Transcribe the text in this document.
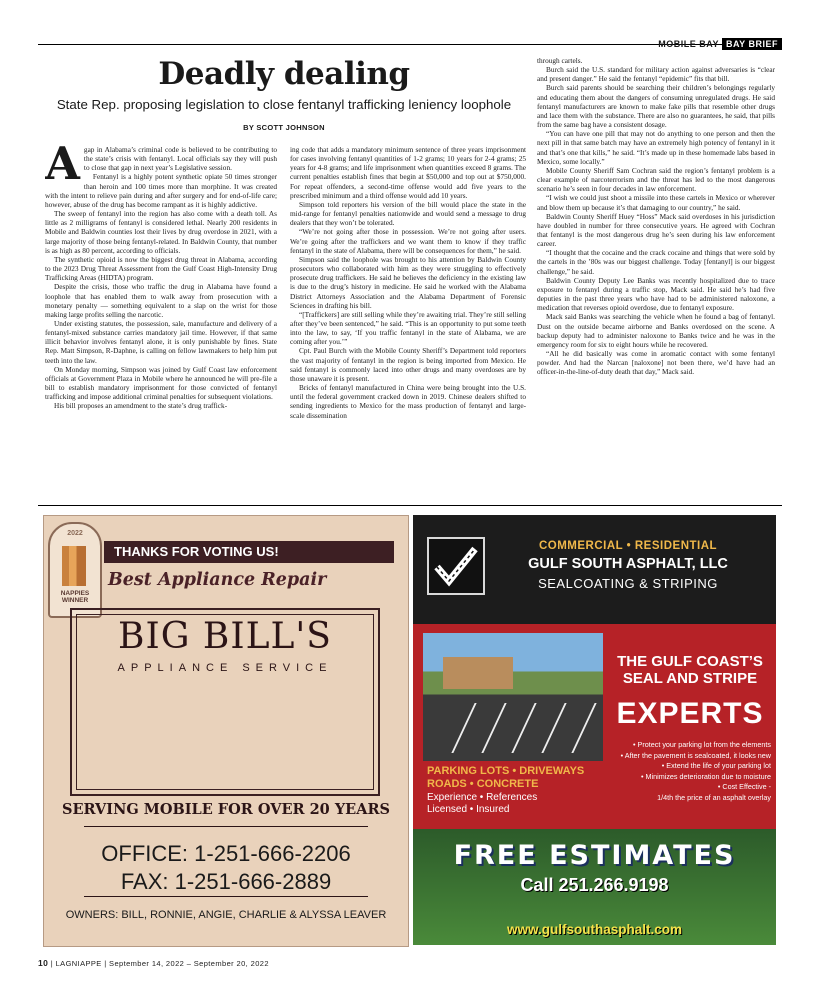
MOBILE BAY BAY BRIEF
Deadly dealing
State Rep. proposing legislation to close fentanyl trafficking leniency loophole
BY SCOTT JOHNSON

Agap in Alabama’s criminal code is believed to be contributing to the state’s crisis with fentanyl. Local officials say they will push to close that gap in next year’s Legislative session.

Fentanyl is a highly potent synthetic opiate 50 times stronger than heroin and 100 times more than morphine. It was created with the intent to relieve pain during and after surgery and for end-of-life care; however, abuse of the drug has become rampant as it is highly addictive.

The sweep of fentanyl into the region has also come with a death toll. As little as 2 milligrams of fentanyl is considered lethal. Nearly 200 residents in Mobile and Baldwin counties lost their lives by drug overdose in 2021, with a large majority of those being fentanyl-related. In Baldwin County, that number is as high as 80 percent, according to officials.

The synthetic opioid is now the biggest drug threat in Alabama, according to the 2023 Drug Threat Assessment from the Gulf Coast High-Intensity Drug Trafficking Areas (HIDTA) program.

Despite the crisis, those who traffic the drug in Alabama have found a loophole that has enabled them to walk away from prosecution with a monetary penalty — something equivalent to a slap on the wrist for those making large profits selling the narcotic.

Under existing statutes, the possession, sale, manufacture and delivery of a fentanyl-mixed substance carries mandatory jail time. However, if that same illicit behavior involves fentanyl alone, it is only punishable by fines. State Rep. Matt Simpson, R-Daphne, is calling on fellow lawmakers to help him put teeth into the law.

On Monday morning, Simpson was joined by Gulf Coast law enforcement officials at Government Plaza in Mobile where he announced he will pre-file a bill to establish mandatory imprisonment for those convicted of fentanyl trafficking and impose additional criminal penalties for subsequent violations.

His bill proposes an amendment to the state’s drug traffick-

ing code that adds a mandatory minimum sentence of three years imprisonment for cases involving fentanyl quantities of 1-2 grams; 10 years for 2-4 grams; 25 years for 4-8 grams; and life imprisonment when quantities exceed 8 grams. The current penalties establish fines that begin at $50,000 and top out at $750,000. For repeat offenders, a second-time offense would add five years to the prescribed minimum and a third offense would add 10 years.

Simpson told reporters his version of the bill would place the state in the mid-range for fentanyl penalties nationwide and would send a message to drug dealers that they won’t be tolerated.

“We’re not going after those in possession. We’re not going after users. We’re going after the traffickers and we want them to know if they traffic fentanyl in the state of Alabama, there will be consequences for them,” he said.

Simpson said the loophole was brought to his attention by Baldwin County prosecutors who collaborated with him as they were struggling to effectively prosecute drug traffickers. He said he believes the deficiency in the existing law is due to the drug’s history in medicine. He said he worked with the Alabama District Attorneys Association and the Alabama Department of Forensic Sciences in drafting his bill.

“[Traffickers] are still selling while they’re awaiting trial. They’re still selling after they’ve been sentenced,” he said. “This is an opportunity to put some teeth into the law, to say, ‘If you traffic fentanyl in the state of Alabama, we are coming after you.’”

Cpt. Paul Burch with the Mobile County Sheriff’s Department told reporters the vast majority of fentanyl in the region is being imported from Mexico. He said fentanyl is commonly laced into other drugs and many overdoses are by those unaware it is present.

Bricks of fentanyl manufactured in China were being brought into the U.S. until the federal government cracked down in 2019. Chinese dealers shifted to sending ingredients to Mexico for the mass production of fentanyl and large-scale dissemination

through cartels.

Burch said the U.S. standard for military action against adversaries is “clear and present danger.” He said the fentanyl “epidemic” fits that bill.

Burch said parents should be searching their children’s belongings regularly and educating them about the dangers of consuming unregulated drugs. He said fentanyl manufacturers are known to make fake pills that resemble other drugs and lace them with the substance. There are also no guarantees, he said, that pills from the same bag have a consistent dosage.

“You can have one pill that may not do anything to one person and then the next pill in that same batch may have an extremely high potency of fentanyl in it and that’s one that kills,” he said. “It’s made up in these homemade labs based in Mexico, some locally.”

Mobile County Sheriff Sam Cochran said the region’s fentanyl problem is a clear example of narcoterrorism and the threat has led to the most dangerous scenario he’s seen in four decades in law enforcement.

“I wish we could just shoot a missile into these cartels in Mexico or wherever and blow them up because it’s that damaging to our country,” he said.

Baldwin County Sheriff Huey “Hoss” Mack said overdoses in his jurisdiction have doubled in number for three consecutive years. He agreed with Cochran that fentanyl is the most dangerous drug he’s seen during his law enforcement career.

“I thought that the cocaine and the crack cocaine and things that were sold by the cartels in the ’80s was our biggest challenge. Today [fentanyl] is our biggest challenge,” he said.

Baldwin County Deputy Lee Banks was recently hospitalized due to trace exposure to fentanyl during a traffic stop, Mack said. He said he’s had five deputies in the past three years who have had to be administered naloxone, a medication that reverses opioid overdose, due to fentanyl exposure.

Mack said Banks was searching the vehicle when he found a bag of fentanyl. Dust on the outside became airborne and Banks overdosed on the scene. A backup deputy had to administer naloxone to Banks twice and he was in the emergency room for six to eight hours while he recovered.

“All he did basically was come in aromatic contact with some fentanyl powder. And had the Narcan [naloxone] not been there, we’d have had an officer-in-the-line-of-duty death that day,” Mack said.

2022
NAPPIES WINNER
THANKS FOR VOTING US!
Best Appliance Repair
BIG BILL'S
APPLIANCE SERVICE
SERVING MOBILE FOR OVER 20 YEARS
OFFICE: 1-251-666-2206
FAX: 1-251-666-2889
OWNERS: BILL, RONNIE, ANGIE, CHARLIE & ALYSSA LEAVER
COMMERCIAL • RESIDENTIAL
GULF SOUTH ASPHALT, LLC
SEALCOATING & STRIPING
THE GULF COAST’S SEAL AND STRIPE
EXPERTS
• Protect your parking lot from the elements
• After the pavement is sealcoated, it looks new
• Extend the life of your parking lot
• Minimizes deterioration due to moisture
• Cost Effective -
1/4th the price of an asphalt overlay
PARKING LOTS • DRIVEWAYS
ROADS • CONCRETE
Experience • References
Licensed • Insured
FREE ESTIMATES
Call 251.266.9198
www.gulfsouthasphalt.com
10 | LAGNIAPPE | September 14, 2022 – September 20, 2022
